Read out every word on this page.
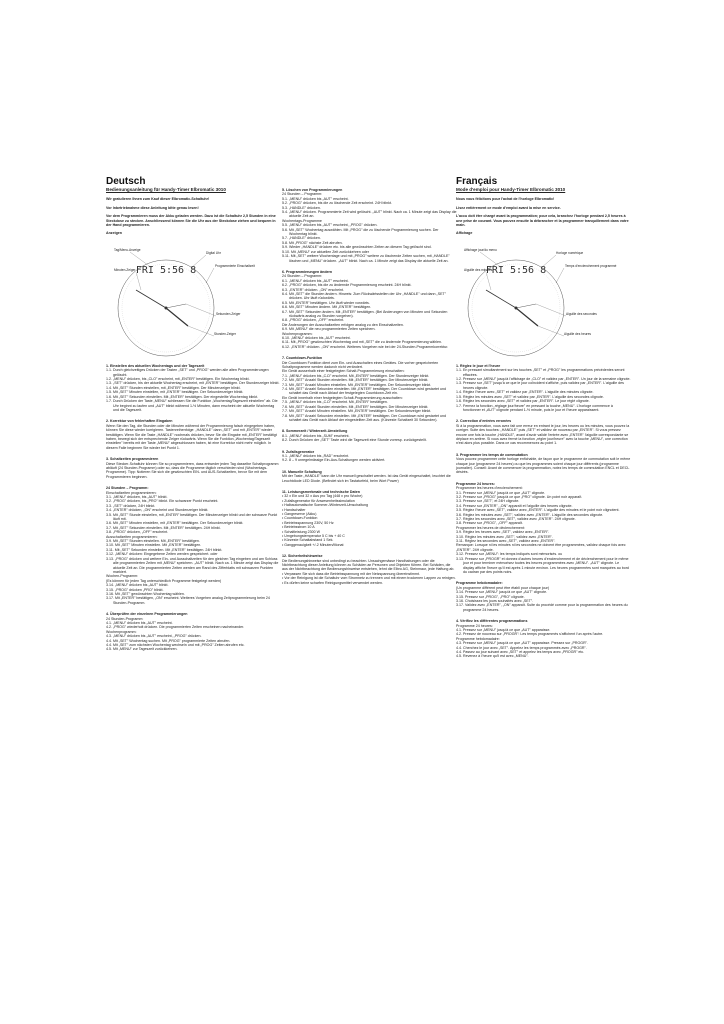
Deutsch
Bedienungsanleitung für Handy-Timer Elbromatic 3010
Wir gratulieren Ihnen zum Kauf dieser Elbromatic-Schaltuhr!
Vor Inbetriebnahme diese Anleitung bitte genau lesen!
Vor dem Programmieren muss der Akku geladen werden. Dazu ist die Schaltuhr 2,5 Stunden in eine Steckdose zu stecken. Anschliessend können Sie die Uhr aus der Steckdose ziehen und bequem in der Hand programmieren.
Anzeigen
FRI 5:56 8
Tag/Menu-Anzeige
Digital Uhr
Minuten-Zeiger
Programmierte Einschaltzeit
Sekunden-Zeiger
Stunden-Zeiger
1. Einstellen des aktuellen Wochentags und der Tageszeit
1.1. Durch gleichzeitiges Drücken der Tasten „SET" und „PROG" werden alle alten Programmierungen gelöscht.
1.2. „MENU" drücken, bis „CLO" erscheint, mit „ENTER" bestätigen. Ein Wochentag blinkt.
1.3. „SET" drücken, bis der aktuelle Wochentag erscheint, mit „ENTER" bestätigen. Der Stundenzeiger blinkt.
1.4. Mit „SET" Stunden einstellen, mit „ENTER" bestätigen. Der Minutenzeiger blinkt.
1.5. Mit „SET" Minuten einstellen, mit „ENTER" bestätigen. Der Sekundenzeiger blinkt.
1.6. Mit „SET" Sekunden einstellen. Mit „ENTER" bestätigen. Der eingestellte Wochentag blinkt.
1.7. Durch Drücken der Taste „MENU" schliessen Sie die Funktion „Wochentag/Tageszeit einstellen" ab. Die Uhr beginnt zu laufen und „AUT" blinkt während 1-½ Minuten, dann erscheint der aktuelle Wochentag und die Tageszeit.
2. Korrektur von fehlerhaften Eingaben
Wenn Sie den Tag, die Stunden oder die Minuten während der Programmierung falsch eingegeben haben, können Sie diese wieder korrigieren. Tastenreihenfolge: „HANDLE" dann „SET" und mit „ENTER" wieder bestätigen. Wenn Sie die Taste „HANDLE" nochmals drücken, bevor Sie die Eingabe mit „ENTER" bestätigt haben, bewegt sich der entsprechende Zeiger rückwärts. Wenn Sie die Funktion „Wochentag/Tageszeit einstellen" bereits mit der Taste „MENU" abgeschlossen haben, ist eine Korrektur nicht mehr möglich. In diesem Falle beginnen Sie wieder bei Punkt 1.
3. Schaltzeiten programmieren
Diese Stecker-Schaltuhr können Sie so programmieren, dass entweder jeden Tag dasselbe Schaltprogramm abläuft (24 Stunden-Programm) oder so, dass die Programme täglich verschieden sind (Wochentags-Programme). Tipp: Notieren Sie sich die gewünschten EIN- und AUS-Schaltzeiten, bevor Sie mit dem Programmieren beginnen.
24 Stunden – Programm:
Einschaltzeiten programmieren:
3.1. „MENU" drücken, bis „AUT" blinkt.
3.2. „PROG" drücken, bis „PRO" blinkt. Ein schwarzer Punkt erscheint.
3.3. „SET" drücken, 24H blinkt.
3.4. „ENTER" drücken, „ON" erscheint und Stundenzeiger blinkt.
3.5. Mit „SET" Stunde einstellen, mit „ENTER" bestätigen. Der Minutenzeiger blinkt und der schwarze Punkt läuft mit.
3.6. Mit „SET" Minuten einstellen, mit „ENTER" bestätigen. Der Sekundenzeiger blinkt.
3.7. Mit „SET" Sekunden einstellen. Mit „ENTER" bestätigen. 24H blinkt.
3.8. „PROG" drücken, „OFF" erscheint.
Ausschaltzeiten programmieren:
3.9. Mit „SET" Stunden einstellen. Mit „ENTER" bestätigen.
3.10. Mit „SET" Minuten einstellen. Mit „ENTER" bestätigen.
3.11. Mit „SET" Sekunden einstellen. Mit „ENTER" bestätigen. 24H blinkt.
3.12. „MENU" drücken: Eingegebene Zeiten werden gespeichert. oder
3.13. „PROG" drücken und weitere Ein- und Ausschaltzeiten für den gleichen Tag eingeben und am Schluss alle programmierten Zeiten mit „MENU" speichern. „AUT" blinkt. Nach ca. 1 Minute zeigt das Display die aktuelle Zeit an. Die programmierten Zeiten werden am Rand des Zifferblatts mit schwarzen Punkten markiert.
Wochen-Programm:
(Es können für jeden Tag unterschiedlich Programme festgelegt werden)
3.14. „MENU" drücken bis „AUT" blinkt.
3.15. „PROG" drücken „PRO" blinkt.
3.16. Mit „SET" gewünschten Wochentag wählen.
3.17. Mit „ENTER" bestätigen, „ON" erscheint. Weiteres Vorgehen analog Zeitprogrammierung beim 24 Stunden-Programm.
4. Überprüfen der einzelnen Programmierungen
24 Stunden-Programm:
4.1. „MENU" drücken bis „AUT" erscheint.
4.2. „PROG" wiederholt drücken. Die programmierten Zeiten erscheinen nacheinander.
Wochenprogramm:
4.3. „MENU" drücken bis „AUT" erscheint, „PROG" drücken.
4.4. Mit „SET" Wochentag suchen. Mit „PROG" programmierte Zeiten abrufen.
4.4. Mit „SET" zum nächsten Wochentag wechseln und mit „PROG" Zeiten abrufen etc.
4.5. Mit „MENU" zur Tageszeit zurückkehren.
5. Löschen von Programmierungen
24 Stunden – Programm:
5.1. „MENU" drücken bis „AUT" erscheint.
5.2. „PROG" drücken, bis die zu löschende Zeit erscheint. 24H blinkt.
5.3. „HANDLE" drücken.
5.4. „MENU" drücken. Programmierte Zeit wird gelöscht. „AUT" blinkt. Nach ca. 1 Minute zeigt das Display die aktuelle Zeit an.
Wochentags-Programme
5.5. „MENU" drücken bis „AUT" erscheint, „PROG" drücken.
5.6. Mit „SET" Wochentag auswählen. Mit „PROG" die zu löschende Programmierung suchen. Der Wochentag blinkt.
5.7. „HANDLE" drücken.
5.8. Mit „PROG" nächste Zeit abrufen.
5.9. Wieder „HANDLE" drücken etc. bis alle gewünschten Zeiten an diesem Tag gelöscht sind.
5.10. Mit „MENU" zur aktuellen Zeit zurückkehren oder
5.11. Mit „SET" weitere Wochentage und mit „PROG" weitere zu löschende Zeiten suchen, mit „HANDLE" löschen und „MENU" drücken. „AUT" blinkt. Nach ca. 1 Minute zeigt das Display die aktuelle Zeit an.
6. Programmierungen ändern
24 Stunden – Programm:
6.1. „MENU" drücken bis „AUT" erscheint.
6.2. „PROG" drücken, bis die zu ändernde Programmierung erscheint. 24H blinkt.
6.3. „ENTER" drücken. „ON" erscheint.
6.4. Mit „SET" die Stunden ändern. Hinweis: Zum Rückwärtsstellen der Uhr „HANDLE" und dann „SET" drücken. Uhr läuft rückwärts.
6.5. Mit „ENTER" bestätigen. Uhr läuft wieder vorwärts.
6.6. Mit „SET" Minuten ändern. Mit „ENTER" bestätigen.
6.7. Mit „SET" Sekunden ändern. Mit „ENTER" bestätigen. (Bei Änderungen von Minuten und Sekunden rückwärts analog zu Stunden vorgehen).
6.8. „PROG" drücken, „OFF" erscheint.
Die Änderungen der Ausschaltzeiten erfolgen analog zu den Einschaltzeiten.
6.9. Mit „MENU" die neu programmierten Zeiten speichern.
Wochenprogramm:
6.10. „MENU" drücken bis „AUT" erscheint.
6.11. Mit „PROG" gewünschten Wochentag und mit „SET" die zu ändernde Programmierung wählen.
6.12. „ENTER" drücken. „ON" erscheint. Weiteres Vorgehen wie bei der 24-Stunden-Programmkorrektur.
7. Countdown-Funktion
Die Countdown Funktion dient zum Ein- und Ausschalten eines Gerätes. Die vorher gespeicherten Schaltprogramme werden dadurch nicht verändert.
Ein Gerät ausserhalb einer festgelegten Schalt-Programmierung einschalten:
7.1. „MENU" drücken bis „C-D" erscheint. Mit „ENTER" bestätigen. Der Stundenzeiger blinkt.
7.2. Mit „SET" Anzahl Stunden einstellen. Mit „ENTER" bestätigen. Der Minutenzeiger blinkt.
7.3. Mit „SET" Anzahl Minuten einstellen. Mit „ENTER" bestätigen. Der Sekundenzeiger blinkt.
7.4. Mit „SET" Anzahl Sekunden einstellen. Mit „ENTER" bestätigen. Der Countdown wird gestartet und schaltet das Gerät nach Ablauf der festgelegten Countdown-Zeit ein.
Ein Gerät innerhalb einer festgelegten Schalt-Programmierung ausschalten:
7.5. „MENU" drücken bis „C-D" erscheint. Mit „ENTER" bestätigen.
7.6. Mit „SET" Anzahl Stunden einstellen. Mit „ENTER" bestätigen. Der Minutenzeiger blinkt.
7.7. Mit „SET" Anzahl Minuten einstellen. Mit „ENTER" bestätigen. Der Sekundenzeiger blinkt.
7.8. Mit „SET" Anzahl Sekunden einstellen. Mit „ENTER" bestätigen. Der Countdown wird gestartet und schaltet das Gerät nach Ablauf der eingestellten Zeit aus. (Kürzeste Schaltzeit 30 Sekunden).
8. Sommerzeit / Winterzeit-Umstellung
8.1. „MENU" drücken bis „SUM" erscheint.
8.2. Durch Drücken der „SET" Taste wird die Tageszeit eine Stunde vorresp. zurückgestellt.
9. Zufallsgenerator
9.1. „MENU" drücken bis „RAD" erscheint.
9.2. 8 – 9 unregelmässige Ein-Aus-Schaltungen werden aktiviert.
10. Manuelle Schaltung
Mit der Taste „HANDLE" kann die Uhr manuell geschaltet werden. Ist das Gerät eingeschaltet, leuchtet die Leuchtdiode LED Diode. (Befindet sich im Tastaturfeld, beim Wort Power)
11. Leistungsmerkmale und technische Daten
• 32 x Ein und 32 x Aus pro Tag (448 x pro Woche)
• Zufallsgenerator für Anwesenheitssimulation
• Halbautomatische Sommer-/Winterzeit-Umschaltung
• Handschalter
• Gangreserve (Akku)
• Countdown-Funktion
• Betriebsspannung 230V, 50 Hz
• Betriebsstrom 10 A
• Schaltleistung 2300 W
• Umgebungstemperatur 5 C bis + 40 C
• Kürzeste Schaltabstand 1 Sek.
• Ganggenauigkeit +/-2 Minuten/Monat
12. Sicherheitshinweise
Die Bedienungshinweise sind unbedingt zu beachten. Unsachgemässe Handhabungen oder die Nichtbeachtung dieser Anleitung können zu Schäden an Personen und Objekten führen. Bei Schäden, die aus der Nichtbeachtung der Bedienungshinweise entstehen, lehnt die Elbro AG, Steinmaur, jede Haftung ab.
• Verpassen Sie sich dass die Betriebsspannung mit der Netzspannung übereinstimmt.
• Vor der Reinigung ist die Schaltuhr vom Stromnetz zu trennen und mit einem trockenen Lappen zu reinigen.
• Es dürfen keine scharfen Reinigungsmittel verwendet werden.
Français
Mode d'emploi pour Handy-Timer Elbromatic 3010
Nous vous félicitons pour l'achat de l'horloge Elbromatic!
Lisez entièrement ce mode d'emploi avant la mise en service.
L'accu doit être chargé avant la programmation; pour cela, branchez l'horloge pendant 2,5 heures à une prise de courant. Vous pouvez ensuite la débrancher et la programmer tranquillement dans votre main.
Affichage
FRI 5:56 8
Affichage jour/du menu
Horloge numérique
Aiguille des minutes
Temps d'enclenchement programmé
Aiguille des secondes
Aiguille des heures
1. Réglez le jour et l'heure
1.1. En pressant simultanément sur les touches „SET" et „PROG" les programmations précédentes seront effacées.
1.2. Pressez sur „MENU" jusqu'à l'affichage de „CLO" et validez par „ENTER". Un jour de la semaine clignote.
1.3. Pressez sur „SET" jusqu'à ce que le jour coïncident s'affiche, puis validez par „ENTER". L'aiguille des heures clignote.
1.4. Réglez l'heure avec „SET" et validez par „ENTER". L'aiguille des minutes clignote.
1.5. Réglez les minutes avec „SET" et validez par „ENTER". L'aiguille des secondes clignote.
1.6. Réglez les secondes avec „SET" et validez par „ENTER". Le jour réglé clignote.
1.7. Fermez la fonction „réglage jour/heure" en pressant la touche „MENU". L'horloge commence à fonctionner et „AUT" clignote pendant 1-½ minute, puis le jour et l'heure apparaissent.
2. Correction d'entrées erronées
Si à la programmation, vous avez fait une erreur en entrant le jour, les heures ou les minutes, vous pouvez la corriger. Suite des touches: „HANDLE" puis „SET" et validez de nouveau par „ENTER". Si vous pressez encore une fois la touche „HANDLE", avant d'avoir validé l'entrée avec „ENTER" l'aiguille correspondante se déplace en arrière. Si vous avez fermé la fonction „régler jour/heure" avec la touche „MENU", une correction n'est alors plus possible. Dans ce cas recommencez au point 1.
3. Programmer les temps de commutation
Vous pouvez programmer cette horloge enfichable, de façon que le programme de commutation soit le même chaque jour (programme 24 heures) ou que les programmes soient chaque jour différents (programme journalier). Conseil: Avant de commencer la programmation, notez les temps de commutation ENCL et DECL désirés.
Programme 24 heures:
Programmer les heures d'enclenchement:
3.1. Pressez sur „MENU" jusqu'à ce que „AUT" clignote.
3.2. Pressez sur „PROG" jusqu'à ce que „PRO" clignote. Un point noir apparaît.
3.3. Pressez sur „SET", et 24H clignote.
3.4. Pressez sur „ENTER", „ON" apparaît et l'aiguille des heures clignote.
3.5. Réglez l'heure avec „SET", validez avec „ENTER". L'aiguille des minutes et le point noir clignotent.
3.6. Réglez les minutes avec „SET", validez avec „ENTER". L'aiguille des secondes clignote.
3.7. Réglez les secondes avec „SET", validez avec „ENTER". 24H clignote.
3.8. Pressez sur „PROG", „OFF" apparaît.
Programmer les heures de déclenchement:
3.9. Réglez les heures avec „SET", validez avec „ENTER".
3.10. Réglez les minutes avec „SET", validez avec „ENTER".
3.11. Réglez les secondes avec „SET", validez avec „ENTER".
Remarque: Lorsque ni les minutes ni les secondes ne doivent être programmées, validez chaque fois avec „ENTER". 24H clignote.
3.12. Pressez sur „MENU": les temps indiqués sont mémorisés. ou
3.13. Pressez sur „PROGR" et donnez d'autres heures d'enclenchement et de déclenchement pour le même jour et pour terminer mémorisez toutes les heures programmées avec „MENU". „AUT" clignote. Le display affiche l'heure qu'il est après 1 minute environ. Les heures programmées sont marquées au bord du cadran par des points noirs.
Programme hebdomadaire:
(Un programme différent peut être établi pour chaque jour)
3.14. Pressez sur „MENU" jusqu'à ce que „AUT" clignote.
3.15. Pressez sur „PROG", „PRO" clignote.
3.16. Choisissez les jours souhaités avec „SET".
3.17. Validez avec „ENTER", „ON" apparaît. Suite du procédé comme pour la programmation des heures du programme 24 heures.
4. Vérifiez les différentes programmations
Programme 24 heures:
4.1. Pressez sur „MENU" jusqu'à ce que „AUT" apparaisse.
4.2. Pressez de nouveau sur „PROGR": Les temps programmés s'affichent l'un après l'autre.
Programme hebdomadaire:
4.3. Pressez sur „MENU" jusqu'à ce que „AUT" apparaisse. Pressez sur „PROGR".
4.4. Cherchez le jour avec „SET". Appelez les temps programmés avec „PROGR".
4.4. Passez au jour suivant avec „SET" et appelez les temps avec „PROGR" etc.
4.5. Revenez à l'heure qu'il est avec „MENU".
